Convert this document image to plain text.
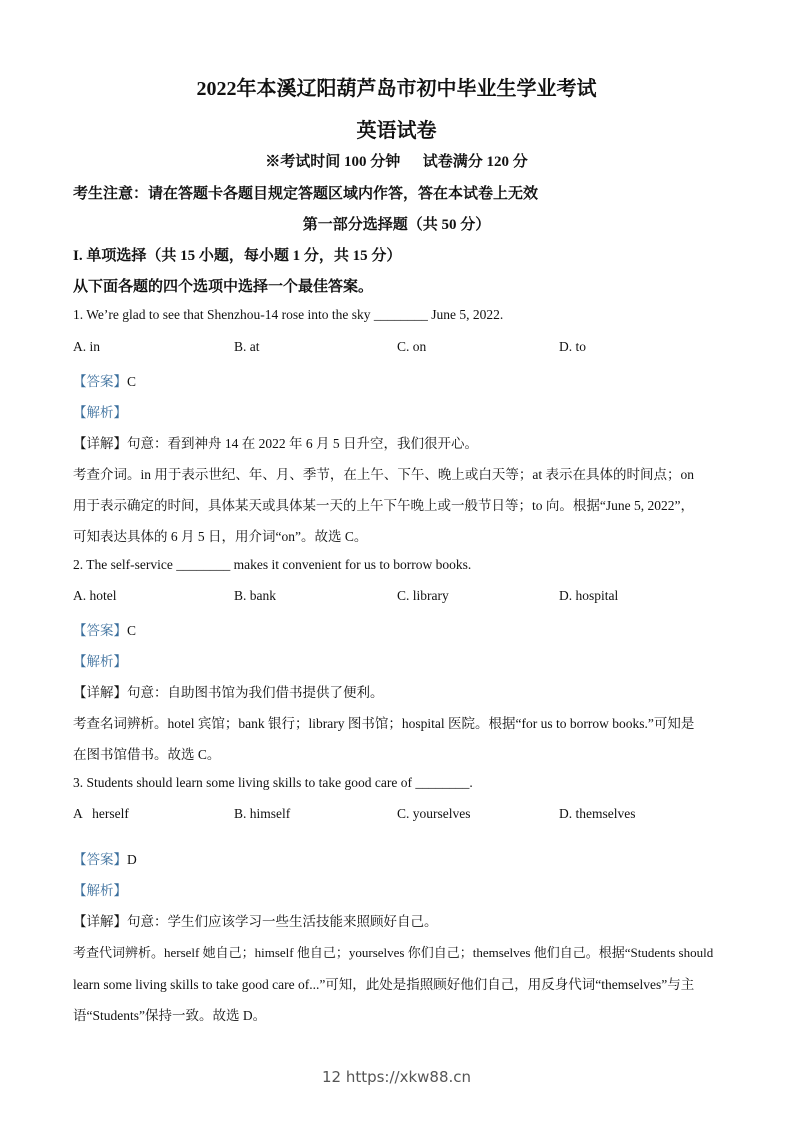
2022年本溪辽阳葫芦岛市初中毕业生学业考试
英语试卷
※考试时间 100 分钟      试卷满分 120 分
考生注意：请在答题卡各题目规定答题区域内作答，答在本试卷上无效
第一部分选择题（共 50 分）
I. 单项选择（共 15 小题，每小题 1 分，共 15 分）
从下面各题的四个选项中选择一个最佳答案。
1. We’re glad to see that Shenzhou-14 rose into the sky ________ June 5, 2022.
A. in	B. at	C. on	D. to
【答案】C
【解析】
【详解】句意：看到神舟 14 在 2022 年 6 月 5 日升空，我们很开心。
考查介词。in 用于表示世纪、年、月、季节，在上午、下午、晚上或白天等；at 表示在具体的时间点；on
用于表示确定的时间，具体某天或具体某一天的上午下午晚上或一般节日等；to 向。根据“June 5, 2022”，
可知表达具体的 6 月 5 日，用介词“on”。故选 C。
2. The self-service ________ makes it convenient for us to borrow books.
A. hotel	B. bank	C. library	D. hospital
【答案】C
【解析】
【详解】句意：自助图书馆为我们借书提供了便利。
考查名词辨析。hotel 宾馆；bank 银行；library 图书馆；hospital 医院。根据“for us to borrow books.”可知是
在图书馆借书。故选 C。
3. Students should learn some living skills to take good care of ________.
A   herself	B. himself	C. yourselves	D. themselves
【答案】D
【解析】
【详解】句意：学生们应该学习一些生活技能来照顾好自己。
考查代词辨析。herself 她自己；himself 他自己；yourselves 你们自己；themselves 他们自己。根据“Students should
learn some living skills to take good care of...”可知，此处是指照顾好他们自己，用反身代词“themselves”与主
语“Students”保持一致。故选 D。
12 https://xkw88.cn
